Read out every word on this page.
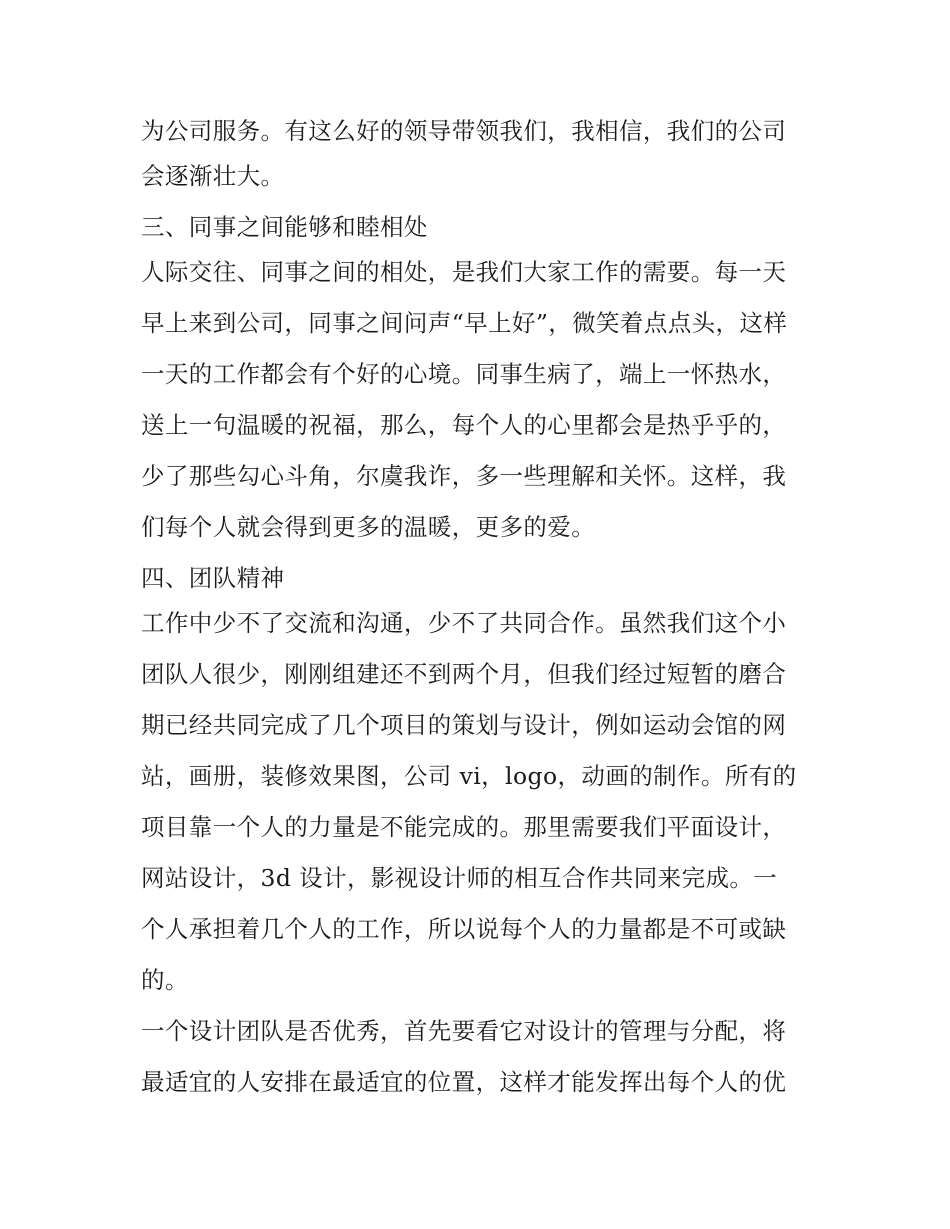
为公司服务。有这么好的领导带领我们，我相信，我们的公司
会逐渐壮大。
三、同事之间能够和睦相处
人际交往、同事之间的相处，是我们大家工作的需要。每一天
早上来到公司，同事之间问声“早上好”，微笑着点点头，这样
一天的工作都会有个好的心境。同事生病了，端上一怀热水，
送上一句温暖的祝福，那么，每个人的心里都会是热乎乎的，
少了那些勾心斗角，尔虞我诈，多一些理解和关怀。这样，我
们每个人就会得到更多的温暖，更多的爱。
四、团队精神
工作中少不了交流和沟通，少不了共同合作。虽然我们这个小
团队人很少，刚刚组建还不到两个月，但我们经过短暂的磨合
期已经共同完成了几个项目的策划与设计，例如运动会馆的网
站，画册，装修效果图，公司 vi，logo，动画的制作。所有的
项目靠一个人的力量是不能完成的。那里需要我们平面设计，
网站设计，3d 设计，影视设计师的相互合作共同来完成。一
个人承担着几个人的工作，所以说每个人的力量都是不可或缺
的。
一个设计团队是否优秀，首先要看它对设计的管理与分配，将
最适宜的人安排在最适宜的位置，这样才能发挥出每个人的优
